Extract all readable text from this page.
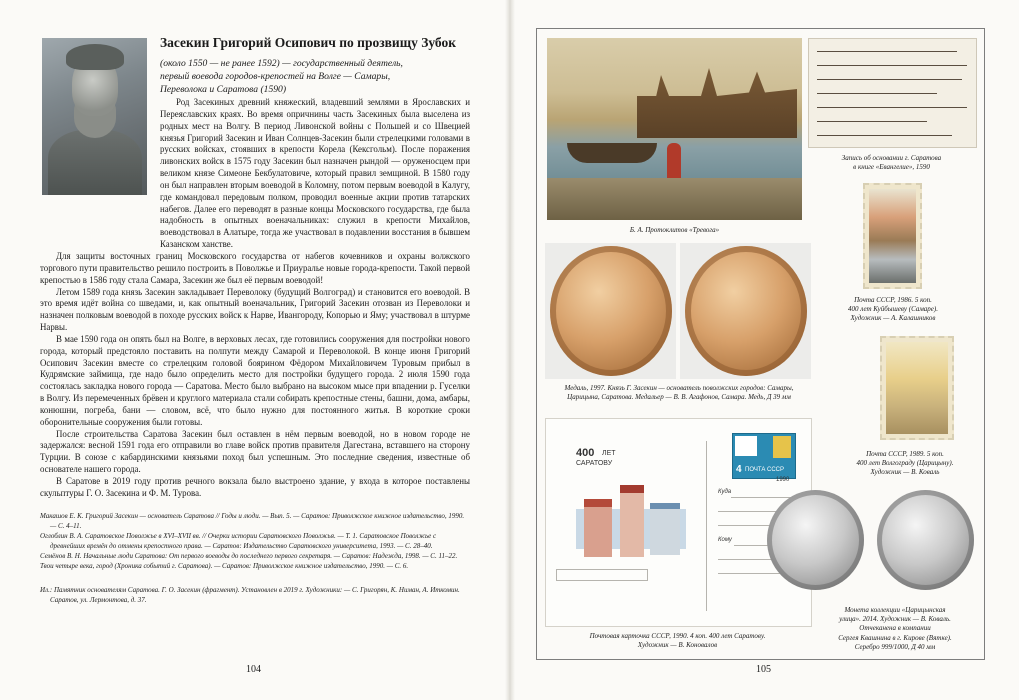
Засекин Григорий Осипович по прозвищу Зубок
(около 1550 — не ранее 1592) — государственный деятель,
первый воевода городов-крепостей на Волге — Самары,
Переволока и Саратова (1590)

Род Засекиных древний княжеский, владевший землями в Ярославских и Переяславских краях. Во время опричнины часть Засекиных была выселена из родных мест на Волгу. В период Ливонской войны с Польшей и со Швецией князья Григорий Засекин и Иван Солнцев-Засекин были стрелецкими головами в русских войсках, стоявших в крепости Корела (Кексгольм). После поражения ливонских войск в 1575 году Засекин был назначен рындой — оруженосцем при великом князе Симеоне Бекбулатовиче, который правил земщиной. В 1580 году он был направлен вторым воеводой в Коломну, потом первым воеводой в Калугу, где командовал передовым полком, проводил военные акции против татарских набегов. Далее его переводят в разные концы Московского государства, где была надобность в опытных военачальниках: служил в крепости Михайлов, воеводствовал в Алатыре, тогда же участвовал в подавлении восстания в бывшем Казанском ханстве.

Для защиты восточных границ Московского государства от набегов кочевников и охраны волжского торгового пути правительство решило построить в Поволжье и Приуралье новые города-крепости. Такой первой крепостью в 1586 году стала Самара, Засекин же был её первым воеводой!

Летом 1589 года князь Засекин закладывает Переволоку (будущий Волгоград) и становится его воеводой. В это время идёт война со шведами, и, как опытный военачальник, Григорий Засекин отозван из Переволоки и назначен полковым воеводой в походе русских войск к Нарве, Ивангороду, Копорью и Яму; участвовал в штурме Нарвы.

В мае 1590 года он опять был на Волге, в верховых лесах, где готовились сооружения для постройки нового города, который предстояло поставить на полпути между Самарой и Переволокой. В конце июня Григорий Осипович Засекин вместе со стрелецким головой боярином Фёдором Михайловичем Туровым прибыл в Кудрямские займища, где надо было определить место для постройки будущего города. 2 июля 1590 года состоялась закладка нового города — Саратова. Место было выбрано на высоком мысе при впадении р. Гуселки в Волгу. Из перемеченных брёвен и круглого материала стали собирать крепостные стены, башни, дома, амбары, конюшни, погреба, бани — словом, всё, что было нужно для постоянного житья. В короткие сроки оборонительные сооружения были готовы.

После строительства Саратова Засекин был оставлен в нём первым воеводой, но в новом городе не задержался: весной 1591 года его отправили во главе войск против правителя Дагестана, вставшего на сторону Турции. В союзе с кабардинскими князьями поход был успешным. Это последние сведения, известные об основателе нашего города.

В Саратове в 2019 году против речного вокзала было выстроено здание, у входа в которое поставлены скульптуры Г. О. Засекина и Ф. М. Турова.

Макашов Е. К. Григорий Засекин — основатель Саратова // Годы и люди. — Вып. 5. — Саратов: Приволжское книжное издательство, 1990. — С. 4–11.
Оглоблин В. А. Саратовское Поволжье в XVI–XVII вв. // Очерки истории Саратовского Поволжья. — Т. 1. Саратовское Поволжье с древнейших времён до отмены крепостного права. — Саратов: Издательство Саратовского университета, 1993. — С. 28–40.
Семёнов В. Н. Начальные люди Саратова: От первого воеводы до последнего первого секретаря. — Саратов: Надежда, 1998. — С. 11–22.
Твои четыре века, город (Хроника событий г. Саратова). — Саратов: Приволжское книжное издательство, 1990. — С. 6.
Ил.: Памятник основателям Саратова. Г. О. Засекин (фрагмент). Установлен в 2019 г. Художники: — С. Григорян, К. Ниман, А. Иткомин. Саратов, ул. Лермонтова, д. 37.
104
Б. А. Протоклитов «Тревога»
Запись об основании г. Саратова
в книге «Евангелие», 1590
Почта СССР, 1986. 5 коп.
400 лет Куйбышеву (Самаре).
Художник — А. Калашников
Медаль, 1997. Князь Г. Засекин — основатель поволжских городов: Самары,
Царицына, Саратова. Медальер — В. В. Агафонов, Самара. Медь, Д 39 мм
Почта СССР, 1989. 5 коп.
400 лет Волгограду (Царицыну).
Художник — В. Коваль
400 ЛЕТ
САРАТОВУ
4 ПОЧТА СССР
1990
Куда
Кому
Почтовая карточка СССР, 1990. 4 коп. 400 лет Саратову.
Художник — В. Коновалов
Монета коллекции «Царицынская
улица». 2014. Художник — В. Коваль.
Отчеканена в компании
Сергея Квашнина в г. Кирове (Вятке).
Серебро 999/1000, Д 40 мм
105
